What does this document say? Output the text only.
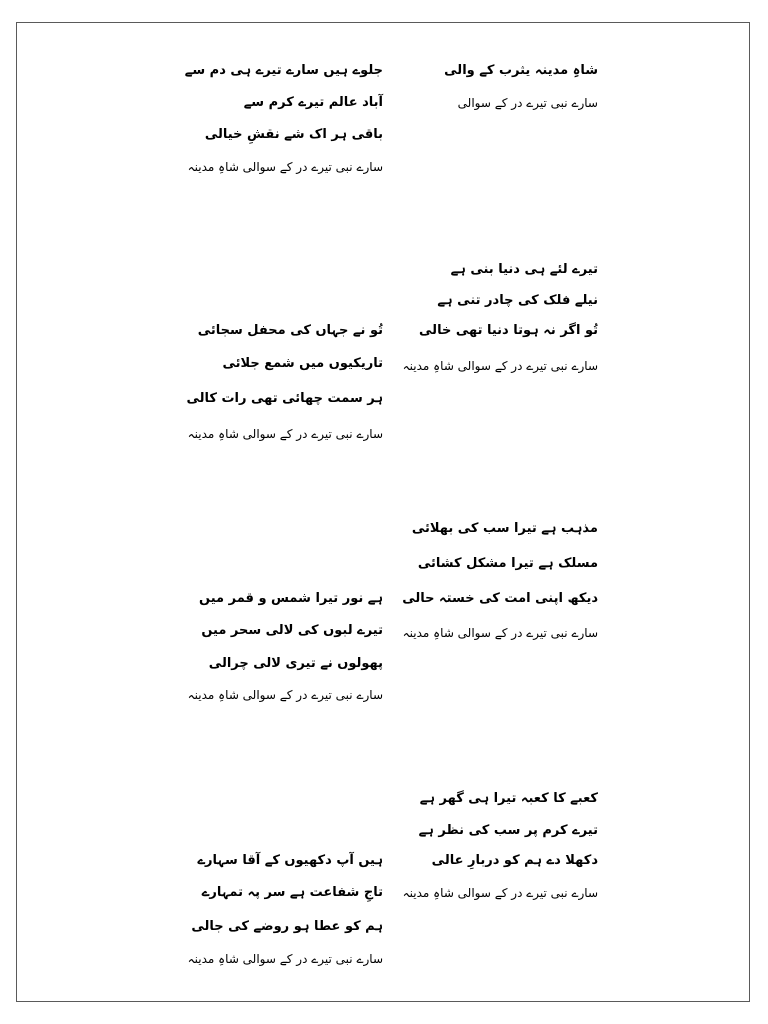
شاہِ مدینہ یثرب کے والی
سارے نبی تیرے در کے سوالی
جلوے ہیں سارے تیرے ہی دم سے
آباد عالم تیرے کرم سے
باقی ہر اک شے نقشِ خیالی
سارے نبی تیرے در کے سوالی شاہِ مدینہ
تیرے لئے ہی دنیا بنی ہے
نیلے فلک کی چادر تنی ہے
تُو اگر نہ ہوتا دنیا تھی خالی
سارے نبی تیرے در کے سوالی شاہِ مدینہ
تُو نے جہاں کی محفل سجائی
تاریکیوں میں شمع جلائی
ہر سمت چھائی تھی رات کالی
سارے نبی تیرے در کے سوالی شاہِ مدینہ
مذہب ہے تیرا سب کی بھلائی
مسلک ہے تیرا مشکل کشائی
دیکھ اپنی امت کی خستہ حالی
سارے نبی تیرے در کے سوالی شاہِ مدینہ
ہے نور تیرا شمس و قمر میں
تیرے لبوں کی لالی سحر میں
پھولوں نے تیری لالی چرالی
سارے نبی تیرے در کے سوالی شاہِ مدینہ
کعبے کا کعبہ تیرا ہی گھر ہے
تیرے کرم پر سب کی نظر ہے
دکھلا دے ہم کو دربارِ عالی
سارے نبی تیرے در کے سوالی شاہِ مدینہ
ہیں آپ دکھیوں کے آقا سہارے
تاجِ شفاعت ہے سر پہ تمہارے
ہم کو عطا ہو روضے کی جالی
سارے نبی تیرے در کے سوالی شاہِ مدینہ
